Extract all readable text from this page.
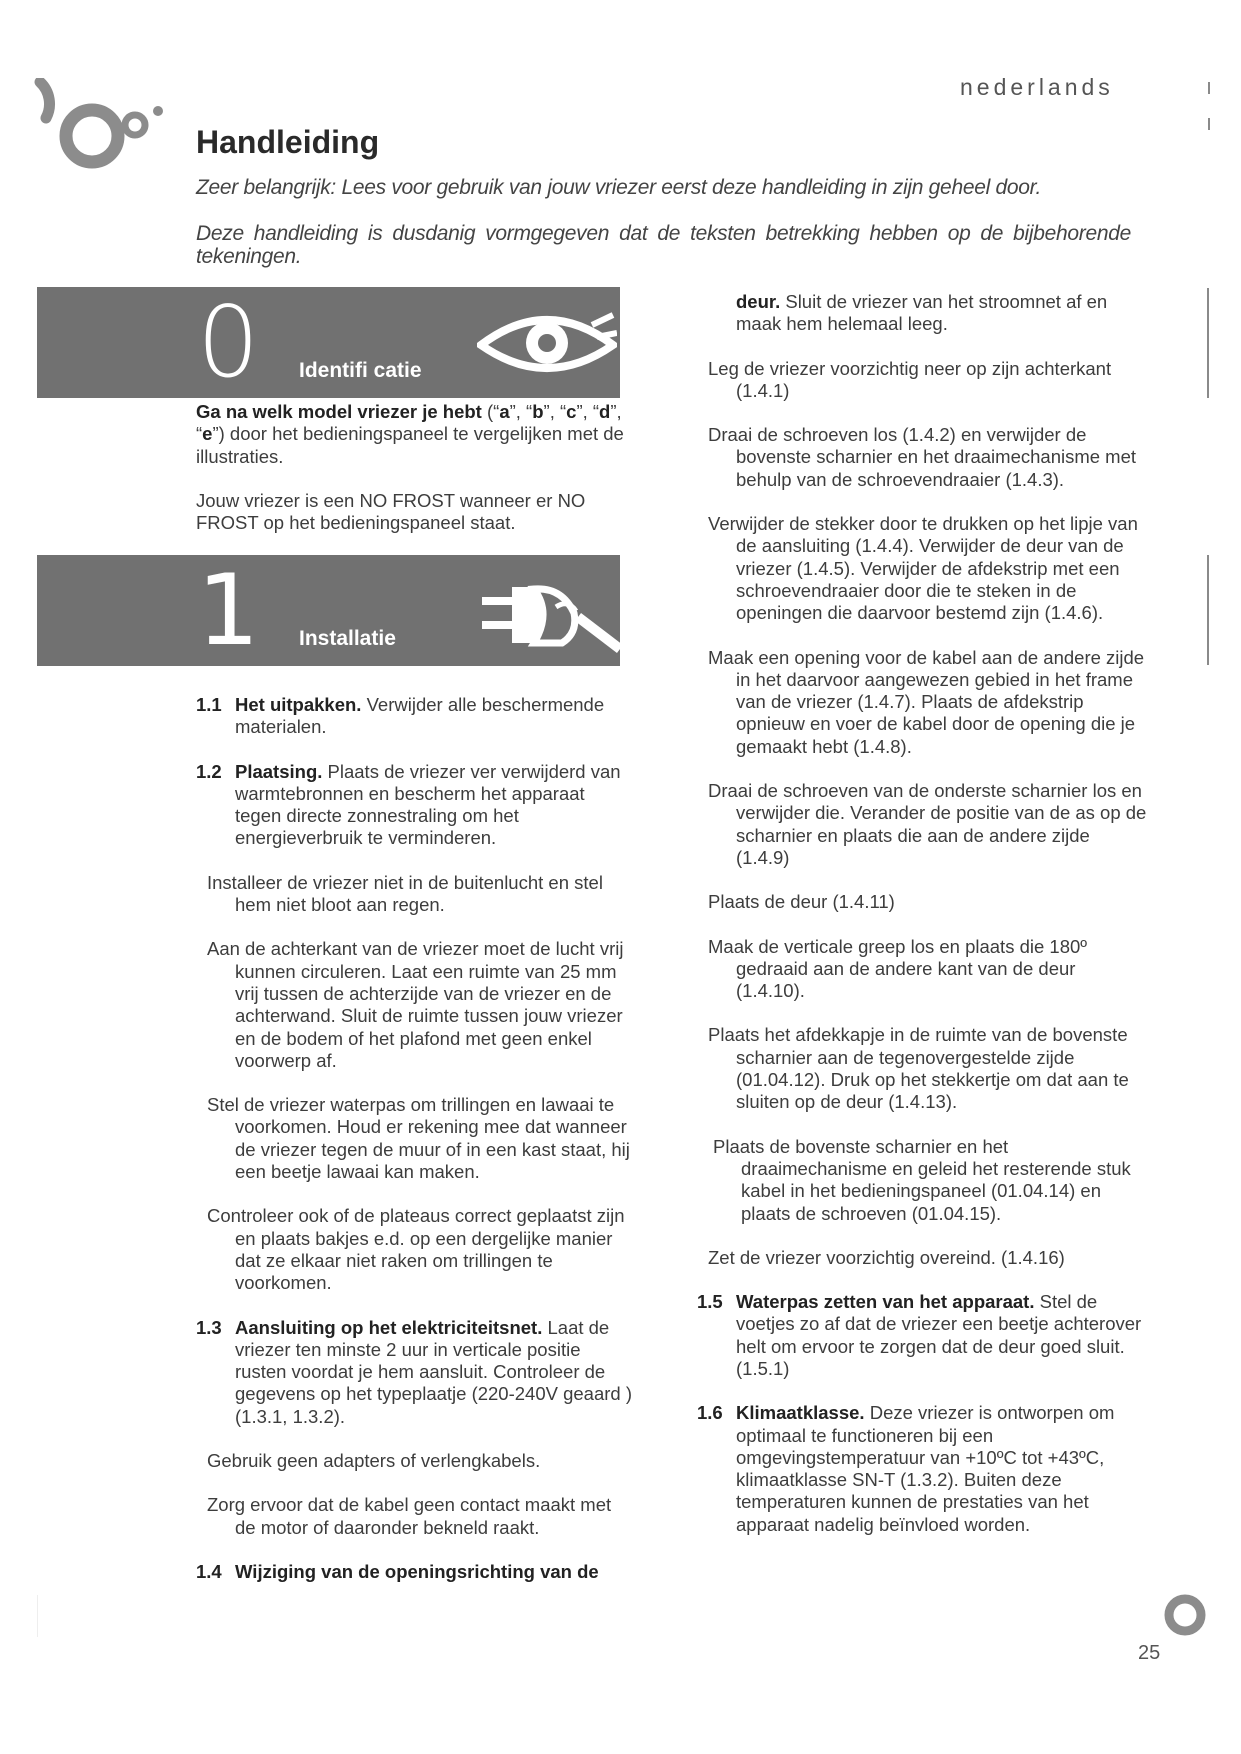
nederlands
Handleiding

Zeer belangrijk: Lees voor gebruik van jouw vriezer eerst deze handleiding in zijn geheel door.

Deze handleiding is dusdanig vormgegeven dat de teksten betrekking hebben op de bijbehorende tekeningen.

0 Identifi catie

Ga na welk model vriezer je hebt (“a”, “b”, “c”, “d”, “e”) door het bedieningspaneel te vergelijken met de illustraties.

Jouw vriezer is een NO FROST wanneer er NO FROST op het bedieningspaneel staat.

1 Installatie

1.1 Het uitpakken. Verwijder alle beschermende materialen.

1.2 Plaatsing. Plaats de vriezer ver verwijderd van warmtebronnen en bescherm het apparaat tegen directe zonnestraling om het energieverbruik te verminderen.

Installeer de vriezer niet in de buitenlucht en stel hem niet bloot aan regen.

Aan de achterkant van de vriezer moet de lucht vrij kunnen circuleren. Laat een ruimte van 25 mm vrij tussen de achterzijde van de vriezer en de achterwand. Sluit de ruimte tussen jouw vriezer en de bodem of het plafond met geen enkel voorwerp af.

Stel de vriezer waterpas om trillingen en lawaai te voorkomen. Houd er rekening mee dat wanneer de vriezer tegen de muur of in een kast staat, hij een beetje lawaai kan maken.

Controleer ook of de plateaus correct geplaatst zijn en plaats bakjes e.d. op een dergelijke manier dat ze elkaar niet raken om trillingen te voorkomen.

1.3 Aansluiting op het elektriciteitsnet. Laat de vriezer ten minste 2 uur in verticale positie rusten voordat je hem aansluit. Controleer de gegevens op het typeplaatje (220-240V geaard ) (1.3.1, 1.3.2).

Gebruik geen adapters of verlengkabels.

Zorg ervoor dat de kabel geen contact maakt met de motor of daaronder bekneld raakt.

1.4 Wijziging van de openingsrichting van de

deur. Sluit de vriezer van het stroomnet af en maak hem helemaal leeg.

Leg de vriezer voorzichtig neer op zijn achterkant (1.4.1)

Draai de schroeven los (1.4.2) en verwijder de bovenste scharnier en het draaimechanisme met behulp van de schroevendraaier (1.4.3).

Verwijder de stekker door te drukken op het lipje van de aansluiting (1.4.4). Verwijder de deur van de vriezer (1.4.5). Verwijder de afdekstrip met een schroevendraaier door die te steken in de openingen die daarvoor bestemd zijn (1.4.6).

Maak een opening voor de kabel aan de andere zijde in het daarvoor aangewezen gebied in het frame van de vriezer (1.4.7). Plaats de afdekstrip opnieuw en voer de kabel door de opening die je gemaakt hebt (1.4.8).

Draai de schroeven van de onderste scharnier los en verwijder die. Verander de positie van de as op de scharnier en plaats die aan de andere zijde (1.4.9)

Plaats de deur (1.4.11)

Maak de verticale greep los en plaats die 180º gedraaid aan de andere kant van de deur (1.4.10).

Plaats het afdekkapje in de ruimte van de bovenste scharnier aan de tegenovergestelde zijde (01.04.12). Druk op het stekkertje om dat aan te sluiten op de deur (1.4.13).

Plaats de bovenste scharnier en het draaimechanisme en geleid het resterende stuk kabel in het bedieningspaneel (01.04.14) en plaats de schroeven (01.04.15).

Zet de vriezer voorzichtig overeind. (1.4.16)

1.5 Waterpas zetten van het apparaat. Stel de voetjes zo af dat de vriezer een beetje achterover helt om ervoor te zorgen dat de deur goed sluit. (1.5.1)

1.6 Klimaatklasse. Deze vriezer is ontworpen om optimaal te functioneren bij een omgevingstemperatuur van +10ºC tot +43ºC, klimaatklasse SN-T (1.3.2). Buiten deze temperaturen kunnen de prestaties van het apparaat nadelig beïnvloed worden.

25
